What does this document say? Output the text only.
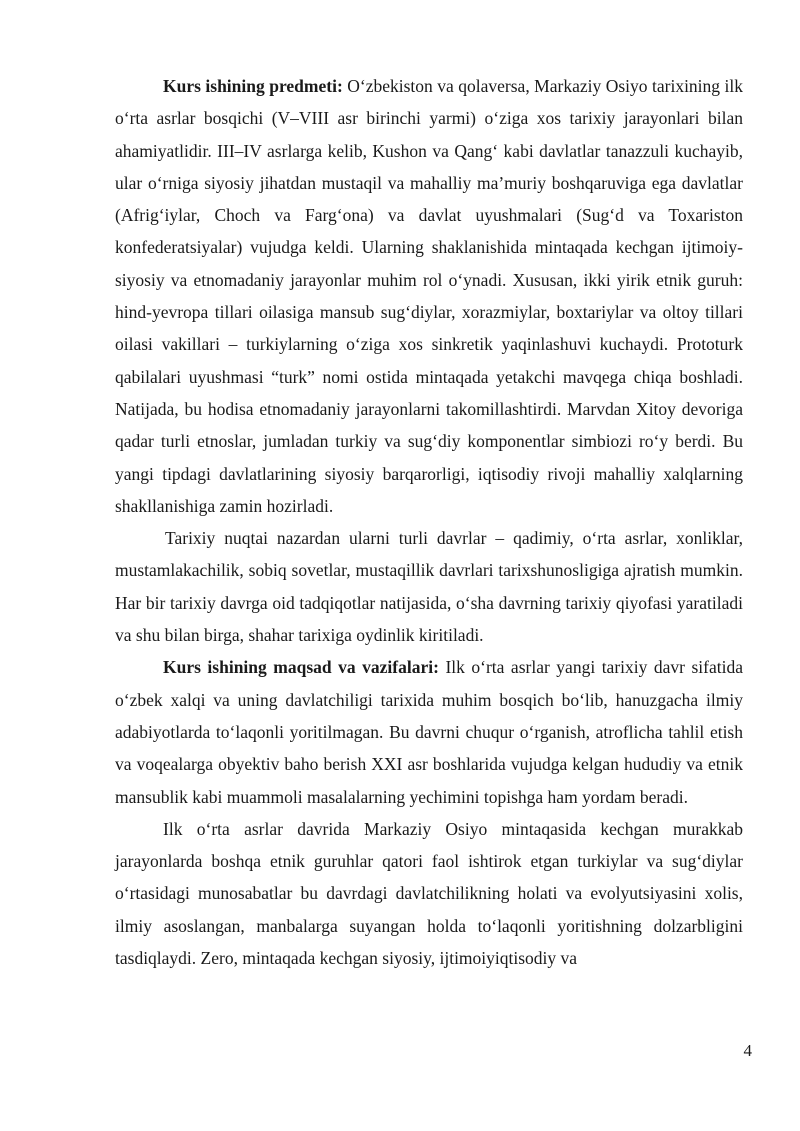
Kurs ishining predmeti: O‘zbekiston va qolaversa, Markaziy Osiyo tarixining ilk o‘rta asrlar bosqichi (V–VIII asr birinchi yarmi) o‘ziga xos tarixiy jarayonlari bilan ahamiyatlidir. III–IV asrlarga kelib, Kushon va Qang‘ kabi davlatlar tanazzuli kuchayib, ular o‘rniga siyosiy jihatdan mustaqil va mahalliy ma’muriy boshqaruviga ega davlatlar (Afrig‘iylar, Choch va Farg‘ona) va davlat uyushmalari (Sug‘d va Toxariston konfederatsiyalar) vujudga keldi. Ularning shaklanishida mintaqada kechgan ijtimoiy-siyosiy va etnomadaniy jarayonlar muhim rol o‘ynadi. Xususan, ikki yirik etnik guruh: hind-yevropa tillari oilasiga mansub sug‘diylar, xorazmiylar, boxtariylar va oltoy tillari oilasi vakillari – turkiylarning o‘ziga xos sinkretik yaqinlashuvi kuchaydi. Prototurk qabilalari uyushmasi “turk” nomi ostida mintaqada yetakchi mavqega chiqa boshladi. Natijada, bu hodisa etnomadaniy jarayonlarni takomillashtirdi. Marvdan Xitoy devoriga qadar turli etnoslar, jumladan turkiy va sug‘diy komponentlar simbiozi ro‘y berdi. Bu yangi tipdagi davlatlarining siyosiy barqarorligi, iqtisodiy rivoji mahalliy xalqlarning shakllanishiga zamin hozirladi.

Tarixiy nuqtai nazardan ularni turli davrlar – qadimiy, o‘rta asrlar, xonliklar, mustamlakachilik, sobiq sovetlar, mustaqillik davrlari tarixshunosligiga ajratish mumkin. Har bir tarixiy davrga oid tadqiqotlar natijasida, o‘sha davrning tarixiy qiyofasi yaratiladi va shu bilan birga, shahar tarixiga oydinlik kiritiladi.

Kurs ishining maqsad va vazifalari: Ilk o‘rta asrlar yangi tarixiy davr sifatida o‘zbek xalqi va uning davlatchiligi tarixida muhim bosqich bo‘lib, hanuzgacha ilmiy adabiyotlarda to‘laqonli yoritilmagan. Bu davrni chuqur o‘rganish, atroflicha tahlil etish va voqealarga obyektiv baho berish XXI asr boshlarida vujudga kelgan hududiy va etnik mansublik kabi muammoli masalalarning yechimini topishga ham yordam beradi.

Ilk o‘rta asrlar davrida Markaziy Osiyo mintaqasida kechgan murakkab jarayonlarda boshqa etnik guruhlar qatori faol ishtirok etgan turkiylar va sug‘diylar o‘rtasidagi munosabatlar bu davrdagi davlatchilikning holati va evolyutsiyasini xolis, ilmiy asoslangan, manbalarga suyangan holda to‘laqonli yoritishning dolzarbligini tasdiqlaydi. Zero, mintaqada kechgan siyosiy, ijtimoiyiqtisodiy va

4
